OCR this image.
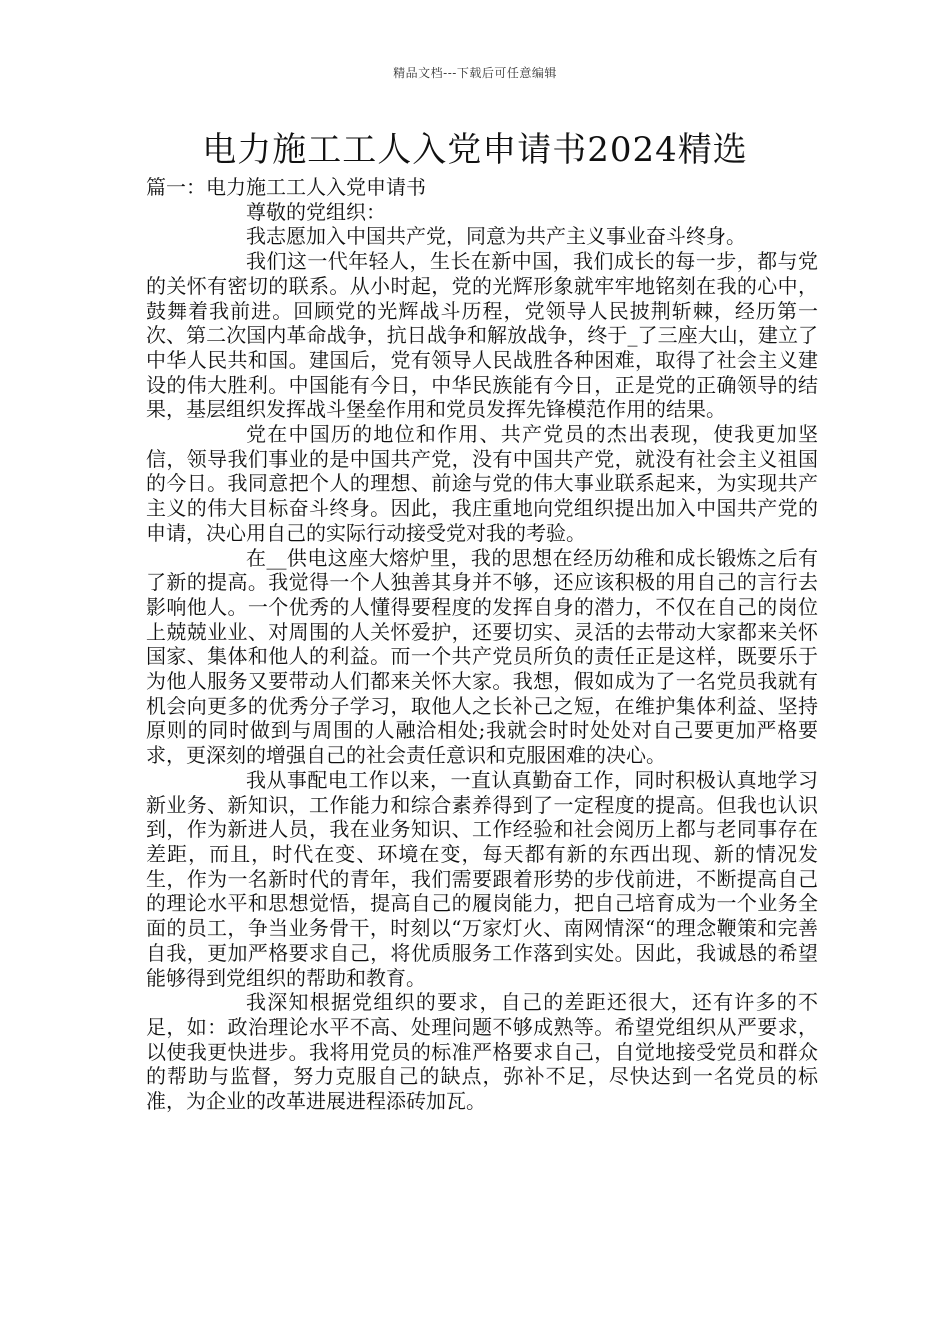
精品文档---下载后可任意编辑
电力施工工人入党申请书2024精选

篇一：电力施工工人入党申请书

尊敬的党组织：

我志愿加入中国共产党，同意为共产主义事业奋斗终身。

我们这一代年轻人，生长在新中国，我们成长的每一步，都与党的关怀有密切的联系。从小时起，党的光辉形象就牢牢地铭刻在我的心中，鼓舞着我前进。回顾党的光辉战斗历程，党领导人民披荆斩棘，经历第一次、第二次国内革命战争，抗日战争和解放战争，终于_了三座大山，建立了中华人民共和国。建国后，党有领导人民战胜各种困难，取得了社会主义建设的伟大胜利。中国能有今日，中华民族能有今日，正是党的正确领导的结果，基层组织发挥战斗堡垒作用和党员发挥先锋模范作用的结果。

党在中国历的地位和作用、共产党员的杰出表现，使我更加坚信，领导我们事业的是中国共产党，没有中国共产党，就没有社会主义祖国的今日。我同意把个人的理想、前途与党的伟大事业联系起来，为实现共产主义的伟大目标奋斗终身。因此，我庄重地向党组织提出加入中国共产党的申请，决心用自己的实际行动接受党对我的考验。

在__供电这座大熔炉里，我的思想在经历幼稚和成长锻炼之后有了新的提高。我觉得一个人独善其身并不够，还应该积极的用自己的言行去影响他人。一个优秀的人懂得要程度的发挥自身的潜力，不仅在自己的岗位上兢兢业业、对周围的人关怀爱护，还要切实、灵活的去带动大家都来关怀国家、集体和他人的利益。而一个共产党员所负的责任正是这样，既要乐于为他人服务又要带动人们都来关怀大家。我想，假如成为了一名党员我就有机会向更多的优秀分子学习，取他人之长补己之短，在维护集体利益、坚持原则的同时做到与周围的人融洽相处;我就会时时处处对自己要更加严格要求，更深刻的增强自己的社会责任意识和克服困难的决心。

我从事配电工作以来，一直认真勤奋工作，同时积极认真地学习新业务、新知识，工作能力和综合素养得到了一定程度的提高。但我也认识到，作为新进人员，我在业务知识、工作经验和社会阅历上都与老同事存在差距，而且，时代在变、环境在变，每天都有新的东西出现、新的情况发生，作为一名新时代的青年，我们需要跟着形势的步伐前进，不断提高自己的理论水平和思想觉悟，提高自己的履岗能力，把自己培育成为一个业务全面的员工，争当业务骨干，时刻以“万家灯火、南网情深“的理念鞭策和完善自我，更加严格要求自己，将优质服务工作落到实处。因此，我诚恳的希望能够得到党组织的帮助和教育。

我深知根据党组织的要求，自己的差距还很大，还有许多的不足，如：政治理论水平不高、处理问题不够成熟等。希望党组织从严要求，以使我更快进步。我将用党员的标准严格要求自己，自觉地接受党员和群众的帮助与监督，努力克服自己的缺点，弥补不足，尽快达到一名党员的标准，为企业的改革进展进程添砖加瓦。
